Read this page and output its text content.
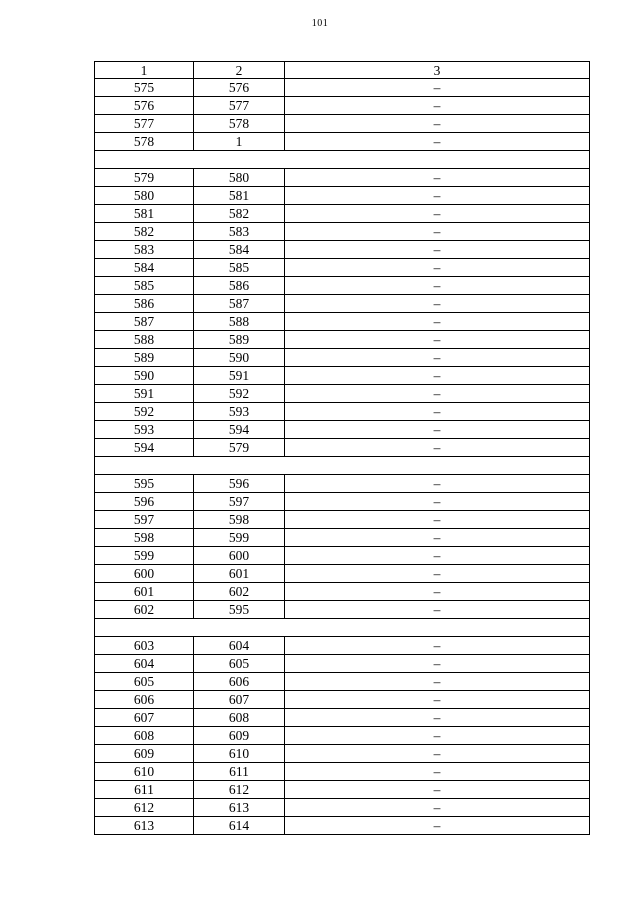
101
1	2	3
575	576	–
576	577	–
577	578	–
578	1	–

579	580	–
580	581	–
581	582	–
582	583	–
583	584	–
584	585	–
585	586	–
586	587	–
587	588	–
588	589	–
589	590	–
590	591	–
591	592	–
592	593	–
593	594	–
594	579	–

595	596	–
596	597	–
597	598	–
598	599	–
599	600	–
600	601	–
601	602	–
602	595	–

603	604	–
604	605	–
605	606	–
606	607	–
607	608	–
608	609	–
609	610	–
610	611	–
611	612	–
612	613	–
613	614	–
